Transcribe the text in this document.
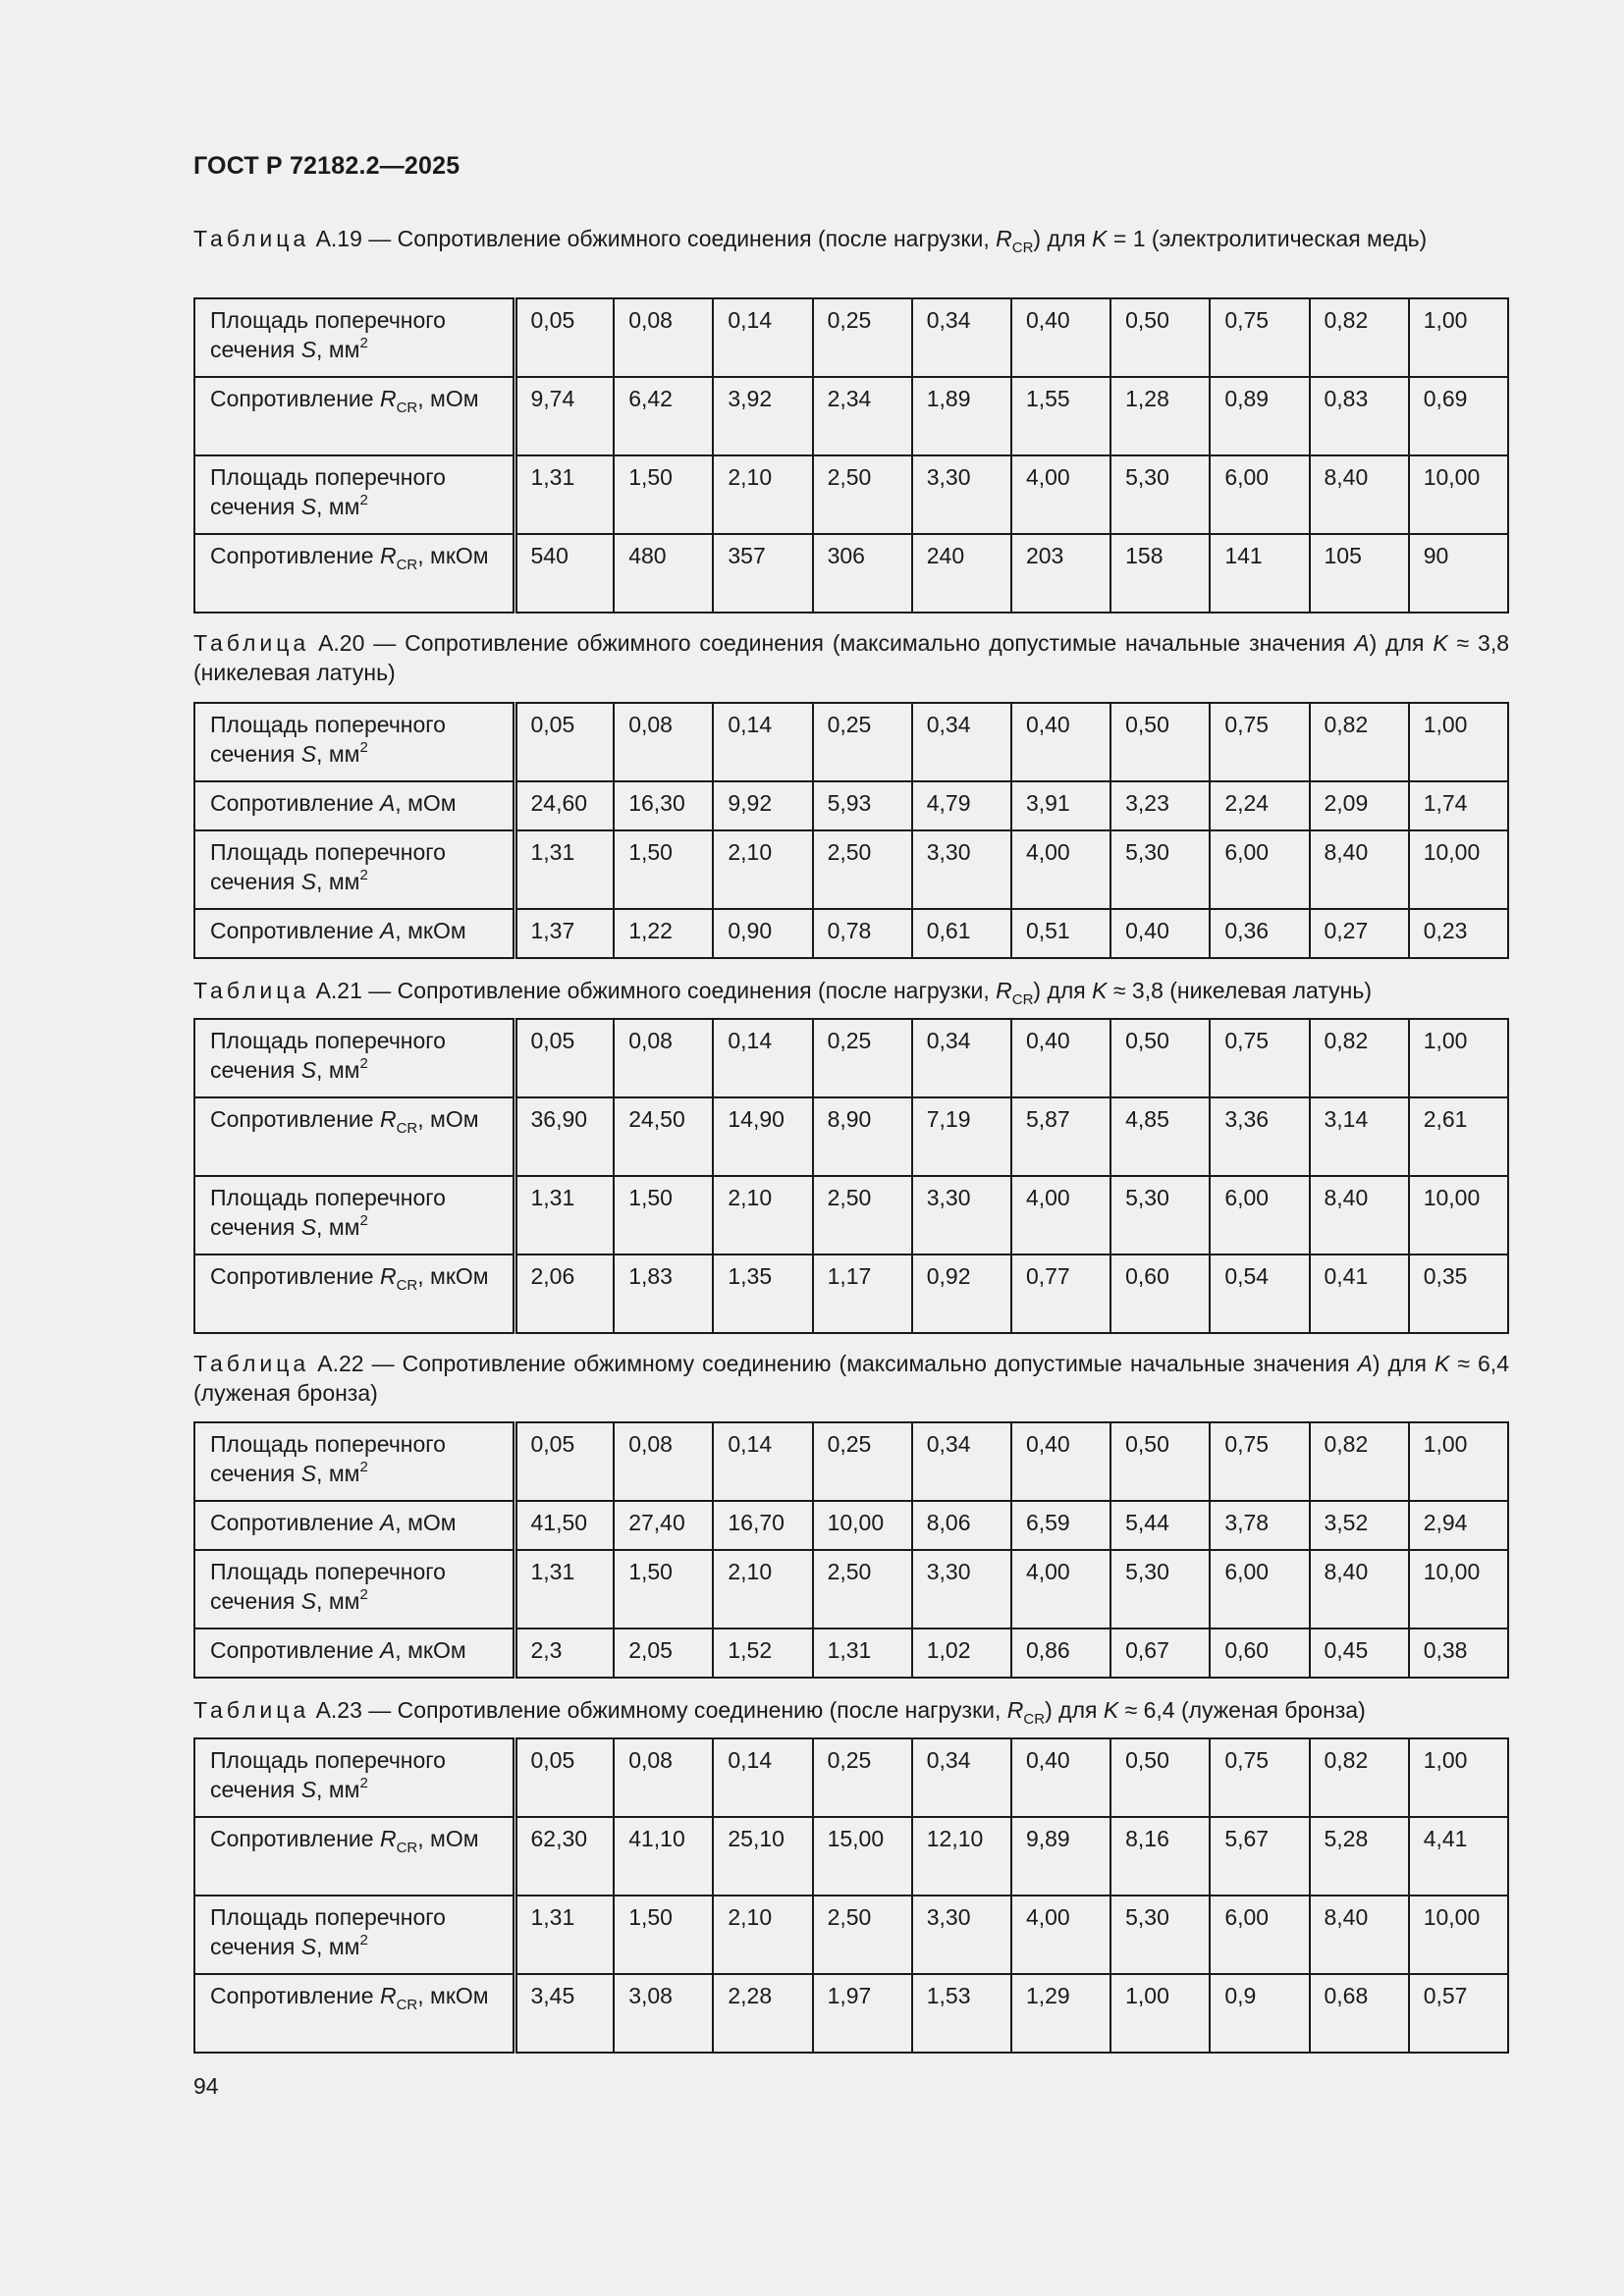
ГОСТ Р 72182.2—2025
Таблица А.19 — Сопротивление обжимного соединения (после нагрузки, $R_{CR}$) для K = 1 (электролитическая медь)
Площадь поперечного сечения S, $мм^2$	0,05	0,08	0,14	0,25	0,34	0,40	0,50	0,75	0,82	1,00
Сопротивление $R_{CR}$, мОм	9,74	6,42	3,92	2,34	1,89	1,55	1,28	0,89	0,83	0,69
Площадь поперечного сечения S, $мм^2$	1,31	1,50	2,10	2,50	3,30	4,00	5,30	6,00	8,40	10,00
Сопротивление $R_{CR}$, мкОм	540	480	357	306	240	203	158	141	105	90
Таблица А.20 — Сопротивление обжимного соединения (максимально допустимые начальные значения A) для K ≈ 3,8 (никелевая латунь)
Площадь поперечного сечения S, $мм^2$	0,05	0,08	0,14	0,25	0,34	0,40	0,50	0,75	0,82	1,00
Сопротивление A, мОм	24,60	16,30	9,92	5,93	4,79	3,91	3,23	2,24	2,09	1,74
Площадь поперечного сечения S, $мм^2$	1,31	1,50	2,10	2,50	3,30	4,00	5,30	6,00	8,40	10,00
Сопротивление A, мкОм	1,37	1,22	0,90	0,78	0,61	0,51	0,40	0,36	0,27	0,23
Таблица А.21 — Сопротивление обжимного соединения (после нагрузки, $R_{CR}$) для K ≈ 3,8 (никелевая латунь)
Площадь поперечного сечения S, $мм^2$	0,05	0,08	0,14	0,25	0,34	0,40	0,50	0,75	0,82	1,00
Сопротивление $R_{CR}$, мОм	36,90	24,50	14,90	8,90	7,19	5,87	4,85	3,36	3,14	2,61
Площадь поперечного сечения S, $мм^2$	1,31	1,50	2,10	2,50	3,30	4,00	5,30	6,00	8,40	10,00
Сопротивление $R_{CR}$, мкОм	2,06	1,83	1,35	1,17	0,92	0,77	0,60	0,54	0,41	0,35
Таблица А.22 — Сопротивление обжимному соединению (максимально допустимые начальные значения A) для K ≈ 6,4 (луженая бронза)
Площадь поперечного сечения S, $мм^2$	0,05	0,08	0,14	0,25	0,34	0,40	0,50	0,75	0,82	1,00
Сопротивление A, мОм	41,50	27,40	16,70	10,00	8,06	6,59	5,44	3,78	3,52	2,94
Площадь поперечного сечения S, $мм^2$	1,31	1,50	2,10	2,50	3,30	4,00	5,30	6,00	8,40	10,00
Сопротивление A, мкОм	2,3	2,05	1,52	1,31	1,02	0,86	0,67	0,60	0,45	0,38
Таблица А.23 — Сопротивление обжимному соединению (после нагрузки, $R_{CR}$) для K ≈ 6,4 (луженая бронза)
Площадь поперечного сечения S, $мм^2$	0,05	0,08	0,14	0,25	0,34	0,40	0,50	0,75	0,82	1,00
Сопротивление $R_{CR}$, мОм	62,30	41,10	25,10	15,00	12,10	9,89	8,16	5,67	5,28	4,41
Площадь поперечного сечения S, $мм^2$	1,31	1,50	2,10	2,50	3,30	4,00	5,30	6,00	8,40	10,00
Сопротивление $R_{CR}$, мкОм	3,45	3,08	2,28	1,97	1,53	1,29	1,00	0,9	0,68	0,57
94
